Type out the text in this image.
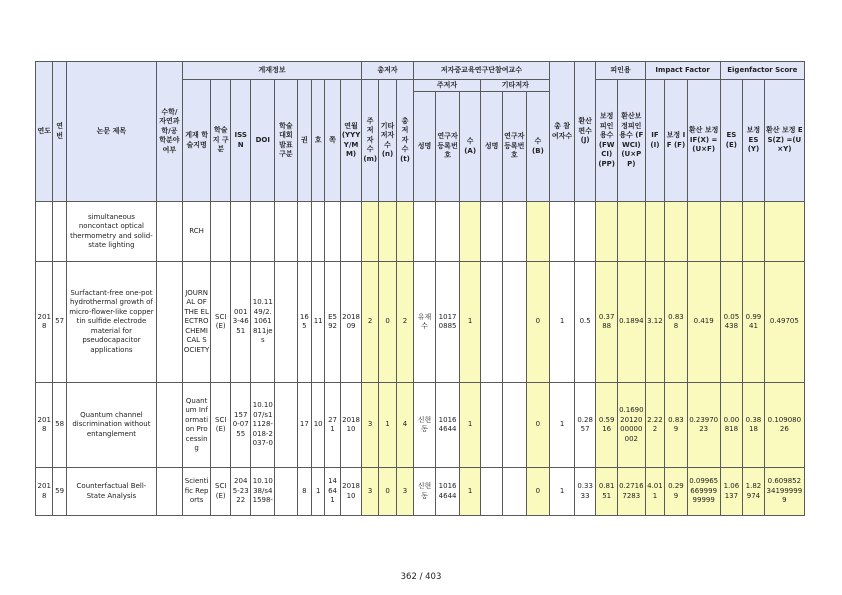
연도	연번	논문 제목	수학/자연과학/공학분야여부	게재정보									총저자			저자중교육연구단참여교수						총 참여자수	환산 편수 (J)	피인용		Impact Factor			Eigenfactor Score		
				게재 학술지명	학술지 구분	ISSN	DOI	학술대회발표 구분	권	호	쪽	연월 (YYYY/MM)	주저자수 (m)	기타저자수 (n)	총저자수 (t)	주저자			기타저자					보정 피인용수 (FWCI) (PP)	환산보정피인용수 (FWCI) (U×PP)	IF (I)	보정 IF (F)	환산 보정 IF(X) = (U×F)	ES (E)	보정 ES (Y)	환산 보정 ES(Z) =(U×Y)
																성명	연구자 등록번호	수 (A)	성명	연구자 등록번호	수 (B)										
		simultaneous noncontact optical thermometry and solid-state lighting		RCH																											
2018	57	Surfactant-free one-pot hydrothermal growth of micro-flower-like copper tin sulfide electrode material for pseudocapacitor applications		JOURNAL OF THE ELECTROCHEMICAL SOCIETY	SCI(E)	0013-4651	10.1149/2.1061811jes		165	11	E592	201809	2	0	2	유재수	10170885	1			0	1	0.5	0.3788	0.1894	3.12	0.838	0.419	0.05438	0.9941	0.49705
2018	58	Quantum channel discrimination without entanglement		Quantum Information Processing	SCI(E)	1570-0755	10.1007/s11128-018-2037-0		17	10	271	201810	3	1	4	신현동	10164644	1			0	1	0.2857	0.5916	0.16902012000000002	2.222	0.839	0.2397023	0.00818	0.3818	0.10908026
2018	59	Counterfactual Bell-State Analysis		Scientific Reports	SCI(E)	2045-2322	10.1038/s41598-		8	1	14641	201810	3	0	3	신현동	10164644	1			0	1	0.3333	0.8151	0.27167283	4.011	0.299	0.0996566999999999	1.06137	1.82974	0.609852341999999
362 / 403
